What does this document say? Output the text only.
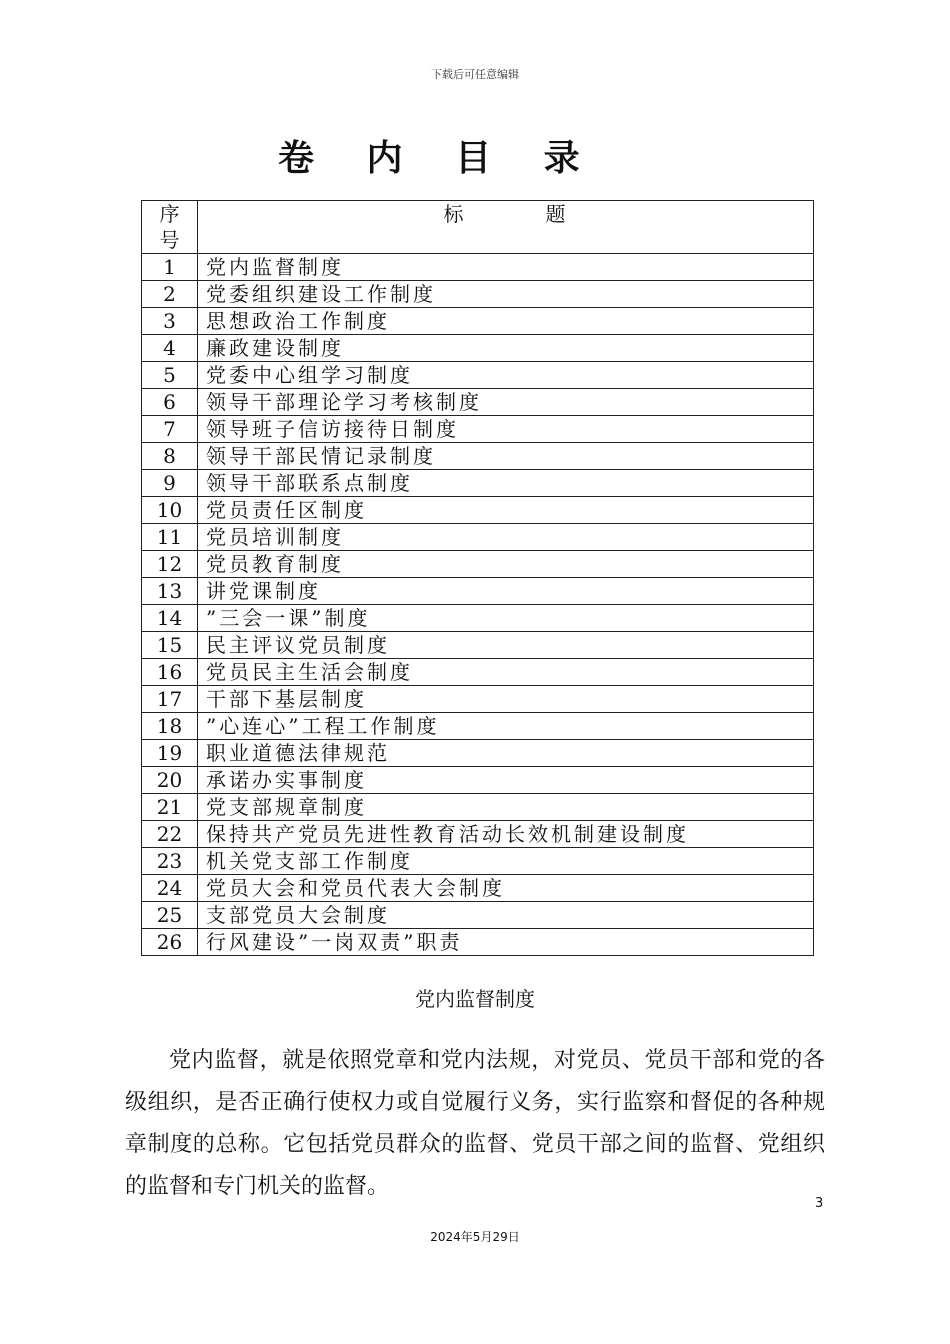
下载后可任意编辑
卷 内 目 录
序
号	标 题
1	党内监督制度
2	党委组织建设工作制度
3	思想政治工作制度
4	廉政建设制度
5	党委中心组学习制度
6	领导干部理论学习考核制度
7	领导班子信访接待日制度
8	领导干部民情记录制度
9	领导干部联系点制度
10	党员责任区制度
11	党员培训制度
12	党员教育制度
13	讲党课制度
14	”三会一课”制度
15	民主评议党员制度
16	党员民主生活会制度
17	干部下基层制度
18	”心连心”工程工作制度
19	职业道德法律规范
20	承诺办实事制度
21	党支部规章制度
22	保持共产党员先进性教育活动长效机制建设制度
23	机关党支部工作制度
24	党员大会和党员代表大会制度
25	支部党员大会制度
26	行风建设”一岗双责”职责
党内监督制度
党内监督，就是依照党章和党内法规，对党员、党员干部和党的各级组织，是否正确行使权力或自觉履行义务，实行监察和督促的各种规章制度的总称。它包括党员群众的监督、党员干部之间的监督、党组织的监督和专门机关的监督。
3
2024年5月29日
